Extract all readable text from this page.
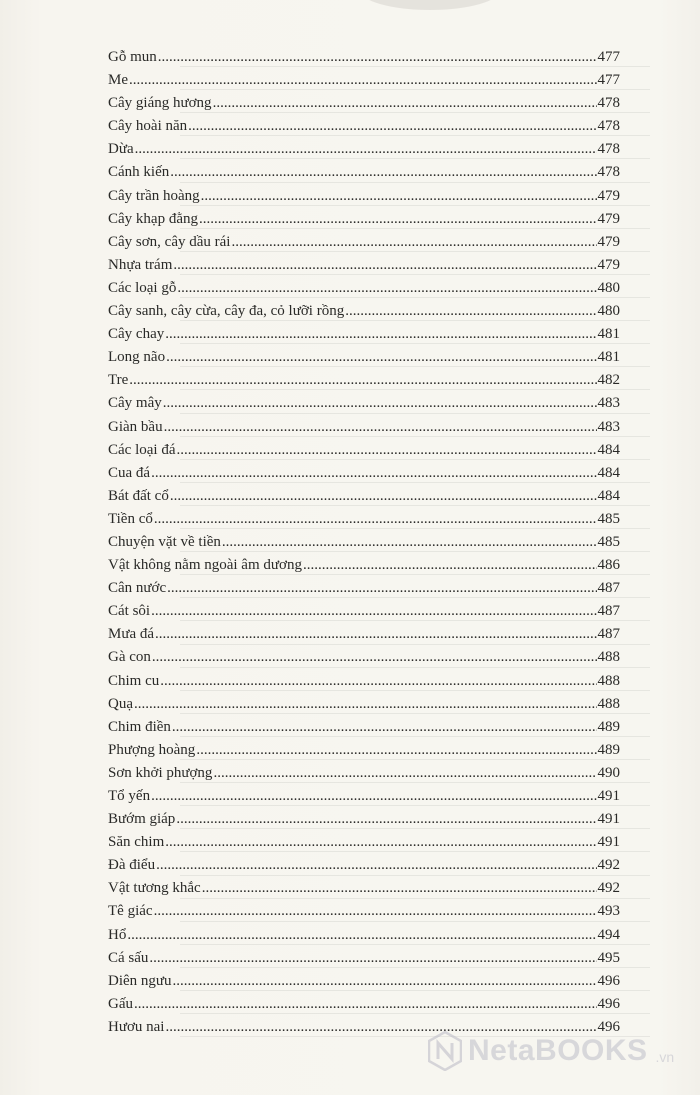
Gỗ mun .....	477
Me .....	477
Cây giáng hương .....	478
Cây hoài năn .....	478
Dừa .....	478
Cánh kiến .....	478
Cây trần hoàng .....	479
Cây khạp đằng .....	479
Cây sơn, cây dầu rái .....	479
Nhựa trám .....	479
Các loại gỗ .....	480
Cây sanh, cây cừa, cây đa, cỏ lưỡi rồng .....	480
Cây chay .....	481
Long não .....	481
Tre .....	482
Cây mây .....	483
Giàn bầu .....	483
Các loại đá .....	484
Cua đá .....	484
Bát đất cổ .....	484
Tiền cổ .....	485
Chuyện vặt về tiền .....	485
Vật không nằm ngoài âm dương .....	486
Cân nước .....	487
Cát sôi .....	487
Mưa đá .....	487
Gà con .....	488
Chim cu .....	488
Quạ .....	488
Chim điền .....	489
Phượng hoàng .....	489
Sơn khởi phượng .....	490
Tổ yến .....	491
Bướm giáp .....	491
Săn chim .....	491
Đà điểu .....	492
Vật tương khắc .....	492
Tê giác .....	493
Hổ .....	494
Cá sấu .....	495
Diên ngưu .....	496
Gấu .....	496
Hươu nai .....	496
NetaBOOKS .vn
